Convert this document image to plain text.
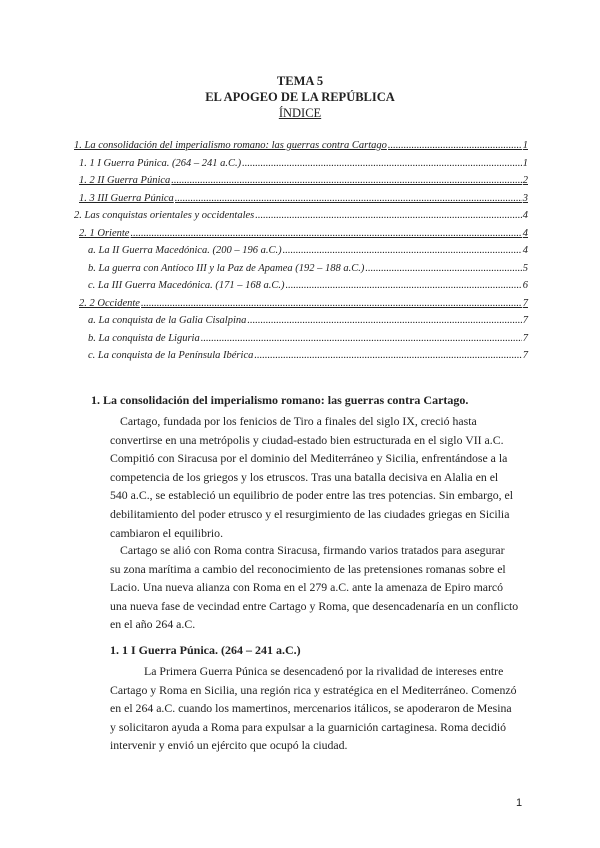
TEMA 5
EL APOGEO DE LA REPÚBLICA
ÍNDICE
1. La consolidación del imperialismo romano: las guerras contra Cartago .....	1
1. 1 I Guerra Púnica. (264 – 241 a.C.) .....	1
1. 2 II Guerra Púnica .....	2
1. 3 III Guerra Púnica .....	3
2. Las conquistas orientales y occidentales .....	4
2. 1 Oriente .....	4
a. La II Guerra Macedónica. (200 – 196 a.C.) .....	4
b. La guerra con Antíoco III y la Paz de Apamea (192 – 188 a.C.) .....	5
c. La III Guerra Macedónica. (171 – 168 a.C.) .....	6
2. 2 Occidente .....	7
a. La conquista de la Galia Cisalpina .....	7
b. La conquista de Liguria .....	7
c. La conquista de la Península Ibérica .....	7
1. La consolidación del imperialismo romano: las guerras contra Cartago.

Cartago, fundada por los fenicios de Tiro a finales del siglo IX, creció hasta

convertirse en una metrópolis y ciudad-estado bien estructurada en el siglo VII a.C.

Compitió con Siracusa por el dominio del Mediterráneo y Sicilia, enfrentándose a la

competencia de los griegos y los etruscos. Tras una batalla decisiva en Alalia en el

540 a.C., se estableció un equilibrio de poder entre las tres potencias. Sin embargo, el

debilitamiento del poder etrusco y el resurgimiento de las ciudades griegas en Sicilia

cambiaron el equilibrio.

Cartago se alió con Roma contra Siracusa, firmando varios tratados para asegurar

su zona marítima a cambio del reconocimiento de las pretensiones romanas sobre el

Lacio. Una nueva alianza con Roma en el 279 a.C. ante la amenaza de Epiro marcó

una nueva fase de vecindad entre Cartago y Roma, que desencadenaría en un conflicto

en el año 264 a.C.

1. 1 I Guerra Púnica. (264 – 241 a.C.)

La Primera Guerra Púnica se desencadenó por la rivalidad de intereses entre

Cartago y Roma en Sicilia, una región rica y estratégica en el Mediterráneo. Comenzó

en el 264 a.C. cuando los mamertinos, mercenarios itálicos, se apoderaron de Mesina

y solicitaron ayuda a Roma para expulsar a la guarnición cartaginesa. Roma decidió

intervenir y envió un ejército que ocupó la ciudad.

1
